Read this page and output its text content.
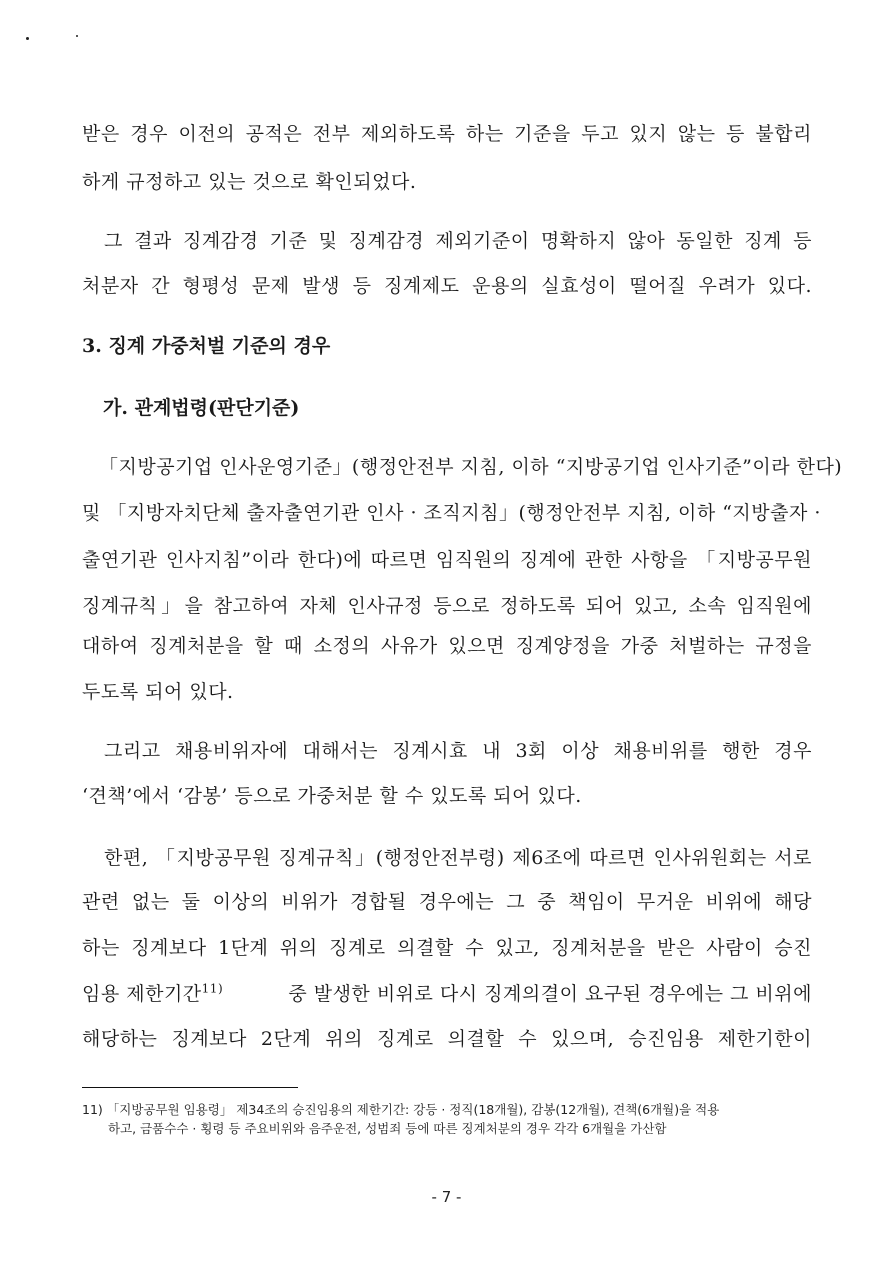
받은 경우 이전의 공적은 전부 제외하도록 하는 기준을 두고 있지 않는 등 불합리
하게 규정하고 있는 것으로 확인되었다.
그 결과 징계감경 기준 및 징계감경 제외기준이 명확하지 않아 동일한 징계 등
처분자 간 형평성 문제 발생 등 징계제도 운용의 실효성이 떨어질 우려가 있다.
3. 징계 가중처벌 기준의 경우
가. 관계법령(판단기준)
「지방공기업 인사운영기준」(행정안전부 지침, 이하 “지방공기업 인사기준”이라 한다)
및 「지방자치단체 출자출연기관 인사 · 조직지침」(행정안전부 지침, 이하 “지방출자 ·
출연기관 인사지침”이라 한다)에 따르면 임직원의 징계에 관한 사항을 「지방공무원
징계규칙」을 참고하여 자체 인사규정 등으로 정하도록 되어 있고, 소속 임직원에
대하여 징계처분을 할 때 소정의 사유가 있으면 징계양정을 가중 처벌하는 규정을
두도록 되어 있다.
그리고 채용비위자에 대해서는 징계시효 내 3회 이상 채용비위를 행한 경우
‘견책’에서 ‘감봉’ 등으로 가중처분 할 수 있도록 되어 있다.
한편, 「지방공무원 징계규칙」(행정안전부령) 제6조에 따르면 인사위원회는 서로
관련 없는 둘 이상의 비위가 경합될 경우에는 그 중 책임이 무거운 비위에 해당
하는 징계보다 1단계 위의 징계로 의결할 수 있고, 징계처분을 받은 사람이 승진
임용 제한기간$^{11)}$	중 발생한 비위로 다시 징계의결이 요구된 경우에는 그 비위에
해당하는 징계보다 2단계 위의 징계로 의결할 수 있으며, 승진임용 제한기한이
11) 「지방공무원 임용령」 제34조의 승진임용의 제한기간: 강등 · 정직(18개월), 감봉(12개월), 견책(6개월)을 적용
하고, 금품수수 · 횡령 등 주요비위와 음주운전, 성범죄 등에 따른 징계처분의 경우 각각 6개월을 가산함
- 7 -
